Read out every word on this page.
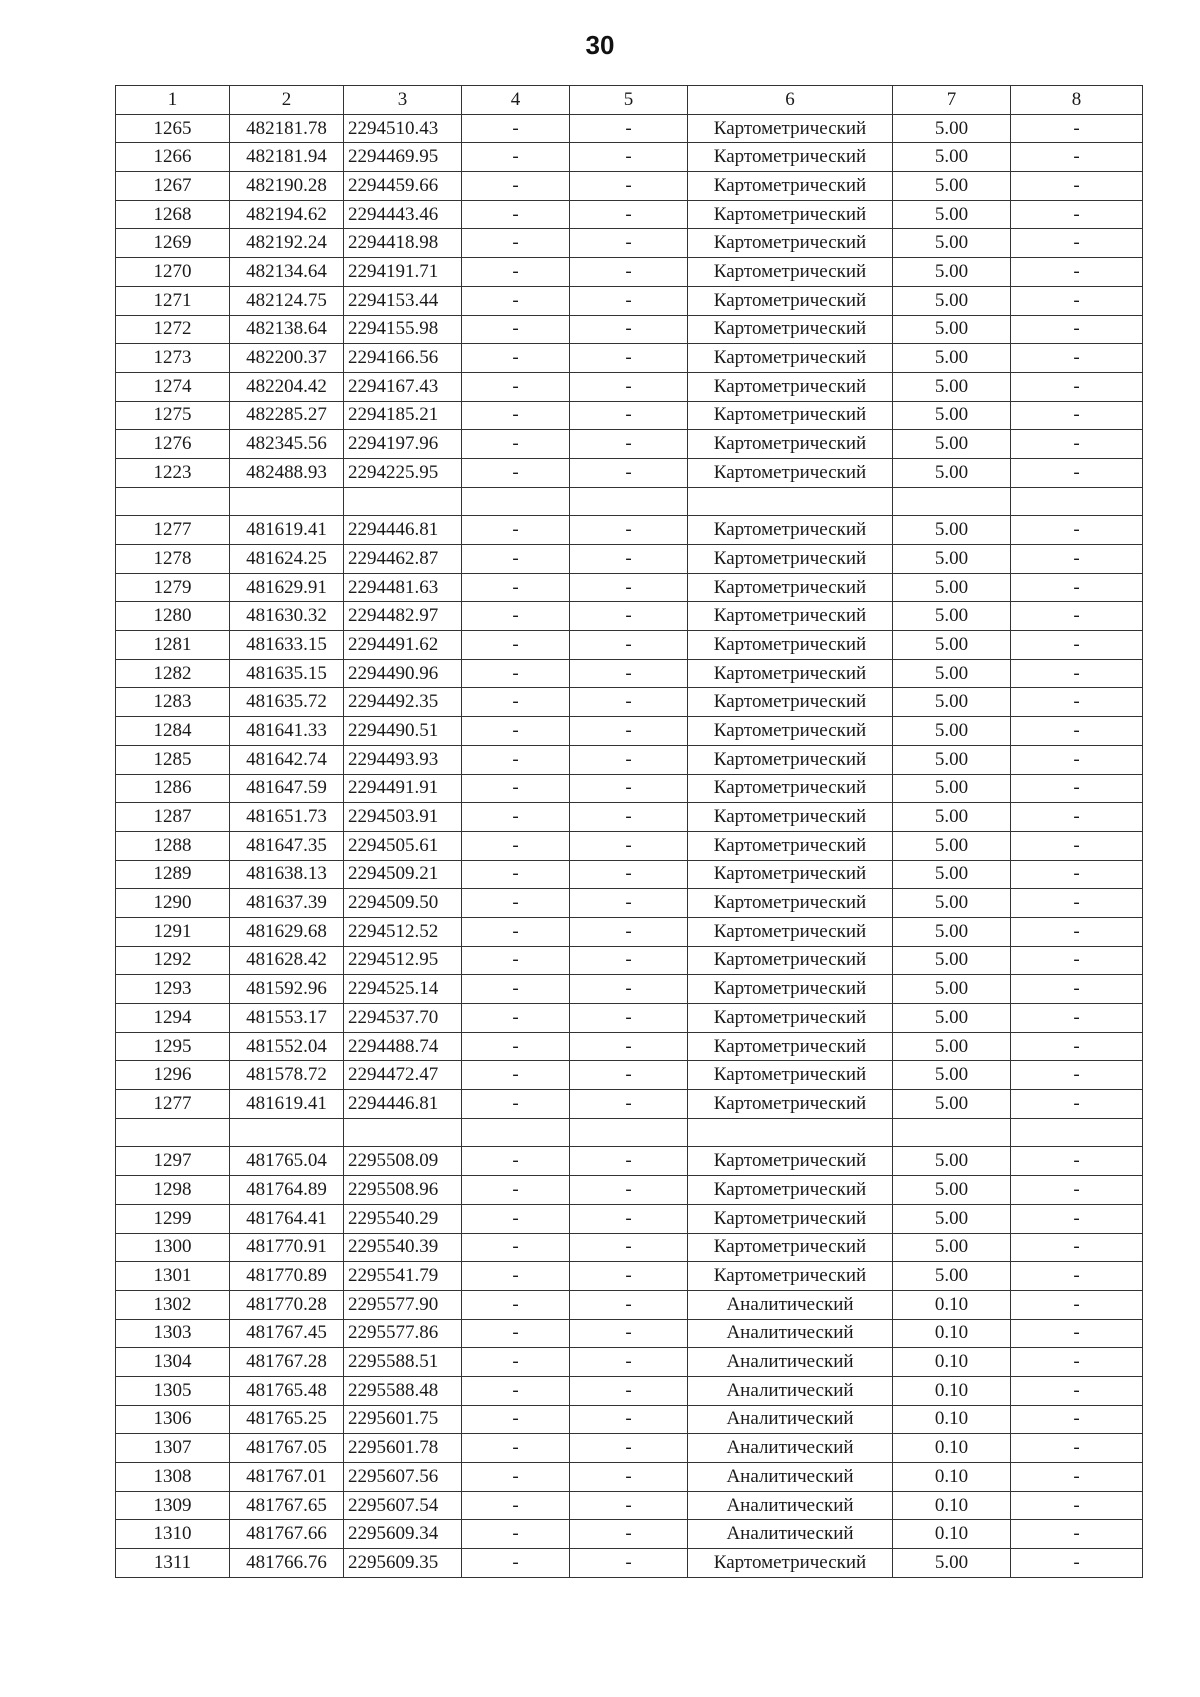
30
1	2	3	4	5	6	7	8
1265	482181.78	2294510.43	-	-	Картометрический	5.00	-
1266	482181.94	2294469.95	-	-	Картометрический	5.00	-
1267	482190.28	2294459.66	-	-	Картометрический	5.00	-
1268	482194.62	2294443.46	-	-	Картометрический	5.00	-
1269	482192.24	2294418.98	-	-	Картометрический	5.00	-
1270	482134.64	2294191.71	-	-	Картометрический	5.00	-
1271	482124.75	2294153.44	-	-	Картометрический	5.00	-
1272	482138.64	2294155.98	-	-	Картометрический	5.00	-
1273	482200.37	2294166.56	-	-	Картометрический	5.00	-
1274	482204.42	2294167.43	-	-	Картометрический	5.00	-
1275	482285.27	2294185.21	-	-	Картометрический	5.00	-
1276	482345.56	2294197.96	-	-	Картометрический	5.00	-
1223	482488.93	2294225.95	-	-	Картометрический	5.00	-

1277	481619.41	2294446.81	-	-	Картометрический	5.00	-
1278	481624.25	2294462.87	-	-	Картометрический	5.00	-
1279	481629.91	2294481.63	-	-	Картометрический	5.00	-
1280	481630.32	2294482.97	-	-	Картометрический	5.00	-
1281	481633.15	2294491.62	-	-	Картометрический	5.00	-
1282	481635.15	2294490.96	-	-	Картометрический	5.00	-
1283	481635.72	2294492.35	-	-	Картометрический	5.00	-
1284	481641.33	2294490.51	-	-	Картометрический	5.00	-
1285	481642.74	2294493.93	-	-	Картометрический	5.00	-
1286	481647.59	2294491.91	-	-	Картометрический	5.00	-
1287	481651.73	2294503.91	-	-	Картометрический	5.00	-
1288	481647.35	2294505.61	-	-	Картометрический	5.00	-
1289	481638.13	2294509.21	-	-	Картометрический	5.00	-
1290	481637.39	2294509.50	-	-	Картометрический	5.00	-
1291	481629.68	2294512.52	-	-	Картометрический	5.00	-
1292	481628.42	2294512.95	-	-	Картометрический	5.00	-
1293	481592.96	2294525.14	-	-	Картометрический	5.00	-
1294	481553.17	2294537.70	-	-	Картометрический	5.00	-
1295	481552.04	2294488.74	-	-	Картометрический	5.00	-
1296	481578.72	2294472.47	-	-	Картометрический	5.00	-
1277	481619.41	2294446.81	-	-	Картометрический	5.00	-

1297	481765.04	2295508.09	-	-	Картометрический	5.00	-
1298	481764.89	2295508.96	-	-	Картометрический	5.00	-
1299	481764.41	2295540.29	-	-	Картометрический	5.00	-
1300	481770.91	2295540.39	-	-	Картометрический	5.00	-
1301	481770.89	2295541.79	-	-	Картометрический	5.00	-
1302	481770.28	2295577.90	-	-	Аналитический	0.10	-
1303	481767.45	2295577.86	-	-	Аналитический	0.10	-
1304	481767.28	2295588.51	-	-	Аналитический	0.10	-
1305	481765.48	2295588.48	-	-	Аналитический	0.10	-
1306	481765.25	2295601.75	-	-	Аналитический	0.10	-
1307	481767.05	2295601.78	-	-	Аналитический	0.10	-
1308	481767.01	2295607.56	-	-	Аналитический	0.10	-
1309	481767.65	2295607.54	-	-	Аналитический	0.10	-
1310	481767.66	2295609.34	-	-	Аналитический	0.10	-
1311	481766.76	2295609.35	-	-	Картометрический	5.00	-
